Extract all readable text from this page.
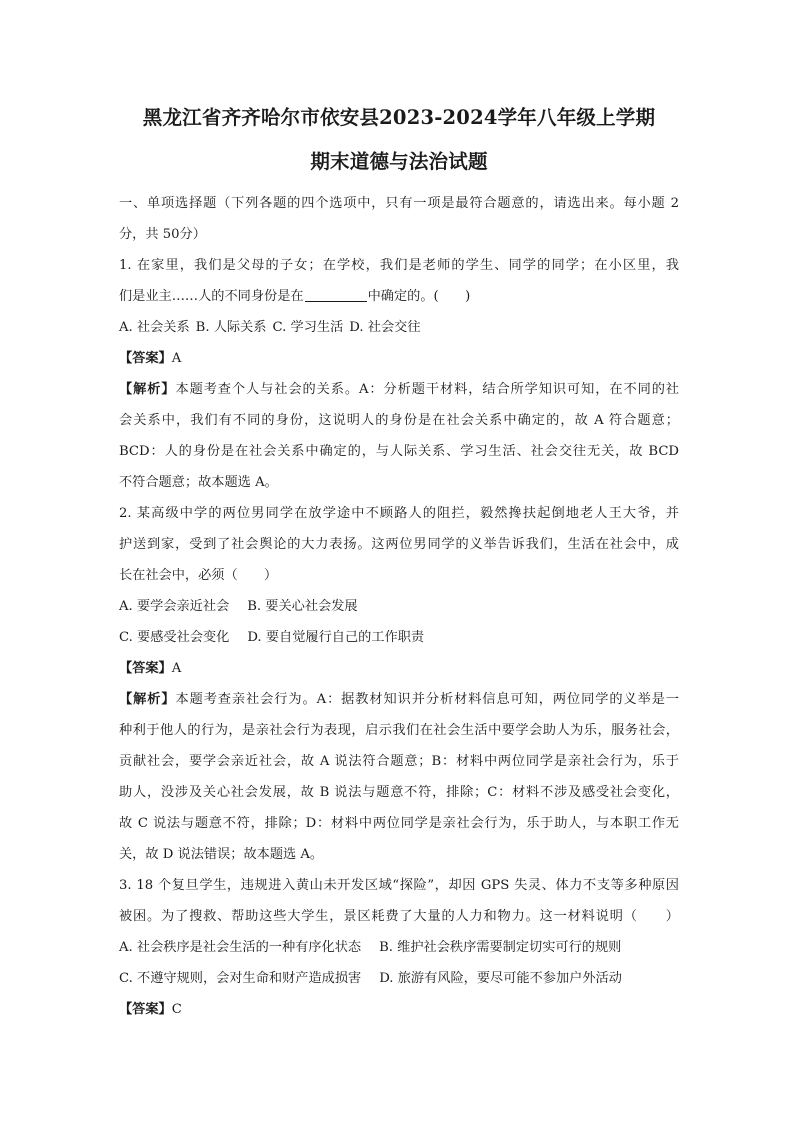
黑龙江省齐齐哈尔市依安县2023-2024学年八年级上学期
期末道德与法治试题
一、单项选择题（下列各题的四个选项中，只有一项是最符合题意的，请选出来。每小题 2
分，共 50分）
1. 在家里，我们是父母的子女；在学校，我们是老师的学生、同学的同学；在小区里，我
们是业主……人的不同身份是在	中确定的。(　　)
A. 社会关系 B. 人际关系 C. 学习生活 D. 社会交往
【答案】A
【解析】本题考查个人与社会的关系。A：分析题干材料，结合所学知识可知，在不同的社
会关系中，我们有不同的身份，这说明人的身份是在社会关系中确定的，故 A 符合题意；
BCD：人的身份是在社会关系中确定的，与人际关系、学习生活、社会交往无关，故 BCD
不符合题意；故本题选 A。
2. 某高级中学的两位男同学在放学途中不顾路人的阻拦，毅然搀扶起倒地老人王大爷，并
护送到家，受到了社会舆论的大力表扬。这两位男同学的义举告诉我们，生活在社会中，成
长在社会中，必须（　　）
A. 要学会亲近社会 B. 要关心社会发展
C. 要感受社会变化 D. 要自觉履行自己的工作职责
【答案】A
【解析】本题考查亲社会行为。A：据教材知识并分析材料信息可知，两位同学的义举是一
种利于他人的行为，是亲社会行为表现，启示我们在社会生活中要学会助人为乐，服务社会，
贡献社会，要学会亲近社会，故 A 说法符合题意；B：材料中两位同学是亲社会行为，乐于
助人，没涉及关心社会发展，故 B 说法与题意不符，排除；C：材料不涉及感受社会变化，
故 C 说法与题意不符，排除；D：材料中两位同学是亲社会行为，乐于助人，与本职工作无
关，故 D 说法错误；故本题选 A。
3. 18 个复旦学生，违规进入黄山未开发区域“探险”，却因 GPS 失灵、体力不支等多种原因
被困。为了搜救、帮助这些大学生，景区耗费了大量的人力和物力。这一材料说明（　　）
A. 社会秩序是社会生活的一种有序化状态 B. 维护社会秩序需要制定切实可行的规则
C. 不遵守规则，会对生命和财产造成损害 D. 旅游有风险，要尽可能不参加户外活动
【答案】C
